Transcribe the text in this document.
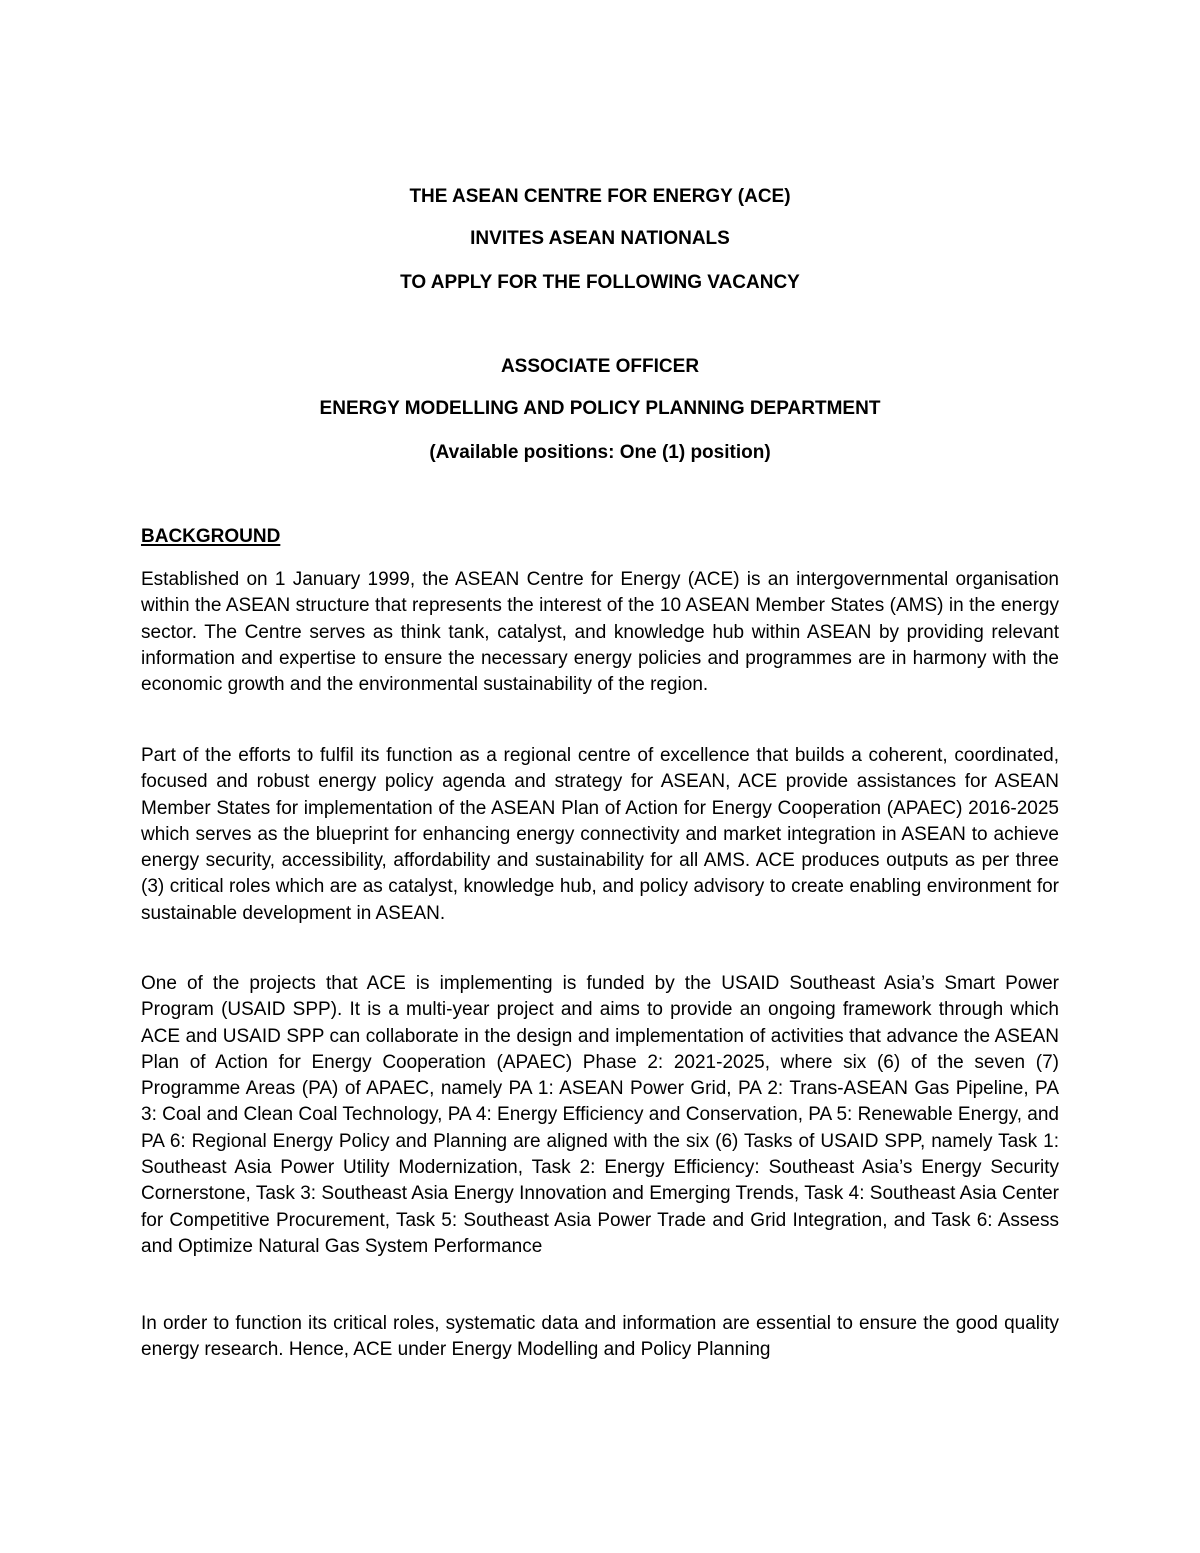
THE ASEAN CENTRE FOR ENERGY (ACE)
INVITES ASEAN NATIONALS
TO APPLY FOR THE FOLLOWING VACANCY
ASSOCIATE OFFICER
ENERGY MODELLING AND POLICY PLANNING DEPARTMENT
(Available positions: One (1) position)
BACKGROUND

Established on 1 January 1999, the ASEAN Centre for Energy (ACE) is an intergovernmental organisation within the ASEAN structure that represents the interest of the 10 ASEAN Member States (AMS) in the energy sector. The Centre serves as think tank, catalyst, and knowledge hub within ASEAN by providing relevant information and expertise to ensure the necessary energy policies and programmes are in harmony with the economic growth and the environmental sustainability of the region.

Part of the efforts to fulfil its function as a regional centre of excellence that builds a coherent, coordinated, focused and robust energy policy agenda and strategy for ASEAN, ACE provide assistances for ASEAN Member States for implementation of the ASEAN Plan of Action for Energy Cooperation (APAEC) 2016-2025 which serves as the blueprint for enhancing energy connectivity and market integration in ASEAN to achieve energy security, accessibility, affordability and sustainability for all AMS. ACE produces outputs as per three (3) critical roles which are as catalyst, knowledge hub, and policy advisory to create enabling environment for sustainable development in ASEAN.

One of the projects that ACE is implementing is funded by the USAID Southeast Asia’s Smart Power Program (USAID SPP). It is a multi-year project and aims to provide an ongoing framework through which ACE and USAID SPP can collaborate in the design and implementation of activities that advance the ASEAN Plan of Action for Energy Cooperation (APAEC) Phase 2: 2021-2025, where six (6) of the seven (7) Programme Areas (PA) of APAEC, namely PA 1: ASEAN Power Grid, PA 2: Trans-ASEAN Gas Pipeline, PA 3: Coal and Clean Coal Technology, PA 4: Energy Efficiency and Conservation, PA 5: Renewable Energy, and PA 6: Regional Energy Policy and Planning are aligned with the six (6) Tasks of USAID SPP, namely Task 1: Southeast Asia Power Utility Modernization, Task 2: Energy Efficiency: Southeast Asia’s Energy Security Cornerstone, Task 3: Southeast Asia Energy Innovation and Emerging Trends, Task 4: Southeast Asia Center for Competitive Procurement, Task 5: Southeast Asia Power Trade and Grid Integration, and Task 6: Assess and Optimize Natural Gas System Performance

In order to function its critical roles, systematic data and information are essential to ensure the good quality energy research. Hence, ACE under Energy Modelling and Policy Planning
